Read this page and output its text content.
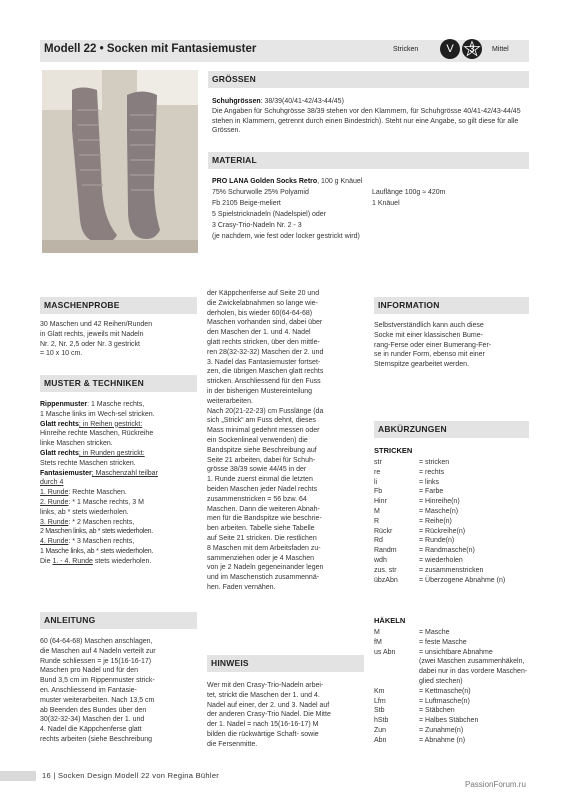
Modell 22 • Socken mit Fantasiemuster	Stricken	V	3	Mittel
GRÖSSEN
Schuhgrössen: 38/39(40/41-42/43-44/45)
Die Angaben für Schuhgrösse 38/39 stehen vor den Klammern, für Schuhgrösse 40/41-42/43-44/45 stehen in Klammern, getrennt durch einen Bindestrich). Steht nur eine Angabe, so gilt diese für alle Grössen.
MATERIAL
PRO LANA Golden Socks Retro, 100 g Knäuel
75% Schurwolle 25% Polyamid	Lauflänge 100g ≈ 420m
Fb 2105 Beige-meliert	1 Knäuel
5 Spielstricknadeln (Nadelspiel) oder
3 Crasy-Trio-Nadeln Nr. 2 - 3
(je nachdem, wie fest oder locker gestrickt wird)
MASCHENPROBE
30 Maschen und 42 Reihen/Runden
in Glatt rechts, jeweils mit Nadeln
Nr. 2, Nr. 2,5 oder Nr. 3 gestrickt
= 10 x 10 cm.
MUSTER & TECHNIKEN
Rippenmuster: 1 Masche rechts,
1 Masche links im Wech-sel stricken.
Glatt rechts; in Reihen gestrickt:
Hinreihe rechte Maschen, Rückreihe
linke Maschen stricken.
Glatt rechts; in Runden gestrickt:
Stets rechte Maschen stricken.
Fantasiemuster; Maschenzahl teilbar
durch 4
1. Runde: Rechte Maschen.
2. Runde: * 1 Masche rechts, 3 M
links, ab * stets wiederholen.
3. Runde: * 2 Maschen rechts,
2 Maschen links, ab * stets wiederholen.
4. Runde: * 3 Maschen rechts,
1 Masche links, ab * stets wiederholen.
Die 1. - 4. Runde stets wiederholen.
ANLEITUNG
60 (64-64-68) Maschen anschlagen,
die Maschen auf 4 Nadeln verteilt zur
Runde schliessen = je 15(16-16-17)
Maschen pro Nadel und für den
Bund 3,5 cm im Rippenmuster strick-
en. Anschliessend im Fantasie-
muster weiterarbeiten. Nach 13,5 cm
ab Beenden des Bundes über den
30(32-32-34) Maschen der 1. und
4. Nadel die Käppchenferse glatt
rechts arbeiten (siehe Beschreibung
der Käppchenferse auf Seite 20 und
die Zwickelabnahmen so lange wie-
derholen, bis wieder 60(64-64-68)
Maschen vorhanden sind, dabei über
den Maschen der 1. und 4. Nadel
glatt rechts stricken, über den mittle-
ren 28(32-32-32) Maschen der 2. und
3. Nadel das Fantasiemuster fortset-
zen, die übrigen Maschen glatt rechts
stricken. Anschliessend für den Fuss
in der bisherigen Mustereinteilung
weiterarbeiten.
Nach 20(21-22-23) cm Fusslänge (da
sich „Strick“ am Fuss dehnt, dieses
Mass minimal gedehnt messen oder
ein Sockenlineal verwenden) die
Bandspitze siehe Beschreibung auf
Seite 21 arbeiten, dabei für Schuh-
grösse 38/39 sowie 44/45 in der
1. Runde zuerst einmal die letzten
beiden Maschen jeder Nadel rechts
zusammenstricken = 56 bzw. 64
Maschen. Dann die weiteren Abnah-
men für die Bandspitze wie beschrie-
ben arbeiten. Tabelle siehe Tabelle
auf Seite 21 stricken. Die restlichen
8 Maschen mit dem Arbeitsfaden zu-
sammenziehen oder je 4 Maschen
von je 2 Nadeln gegeneinander legen
und im Maschenstich zusammennä-
hen. Faden vernähen.
HINWEIS
Wer mit den Crasy-Trio-Nadeln arbei-
tet, strickt die Maschen der 1. und 4.
Nadel auf einer, der 2. und 3. Nadel auf
der anderen Crasy-Trio Nadel. Die Mitte
der 1. Nadel = nach 15(16-16-17) M
bilden die rückwärtige Schaft- sowie
die Fersenmitte.
INFORMATION
Selbstverständlich kann auch diese
Socke mit einer klassischen Bume-
rang-Ferse oder einer Bumerang-Fer-
se in runder Form, ebenso mit einer
Sternspitze gearbeitet werden.
ABKÜRZUNGEN
STRICKEN
str	= stricken
re	= rechts
li	= links
Fb	= Farbe
Hinr	= Hinreihe(n)
M	= Masche(n)
R	= Reihe(n)
Rückr	= Rückreihe(n)
Rd	= Runde(n)
Randm	= Randmasche(n)
wdh	= wiederholen
zus. str	= zusammenstricken
übzAbn	= Überzogene Abnahme (n)
HÄKELN
M	= Masche
fM	= feste Masche
us Abn	= unsichtbare Abnahme
(zwei Maschen zusammenhäkeln,
dabei nur in das vordere Maschen-
glied stechen)
Km	= Kettmasche(n)
Lfm	= Luftmasche(n)
Stb	= Stäbchen
hStb	= Halbes Stäbchen
Zun	= Zunahme(n)
Abn	= Abnahme (n)
16 | Socken Design Modell 22 von Regina Bühler
PassionForum.ru
